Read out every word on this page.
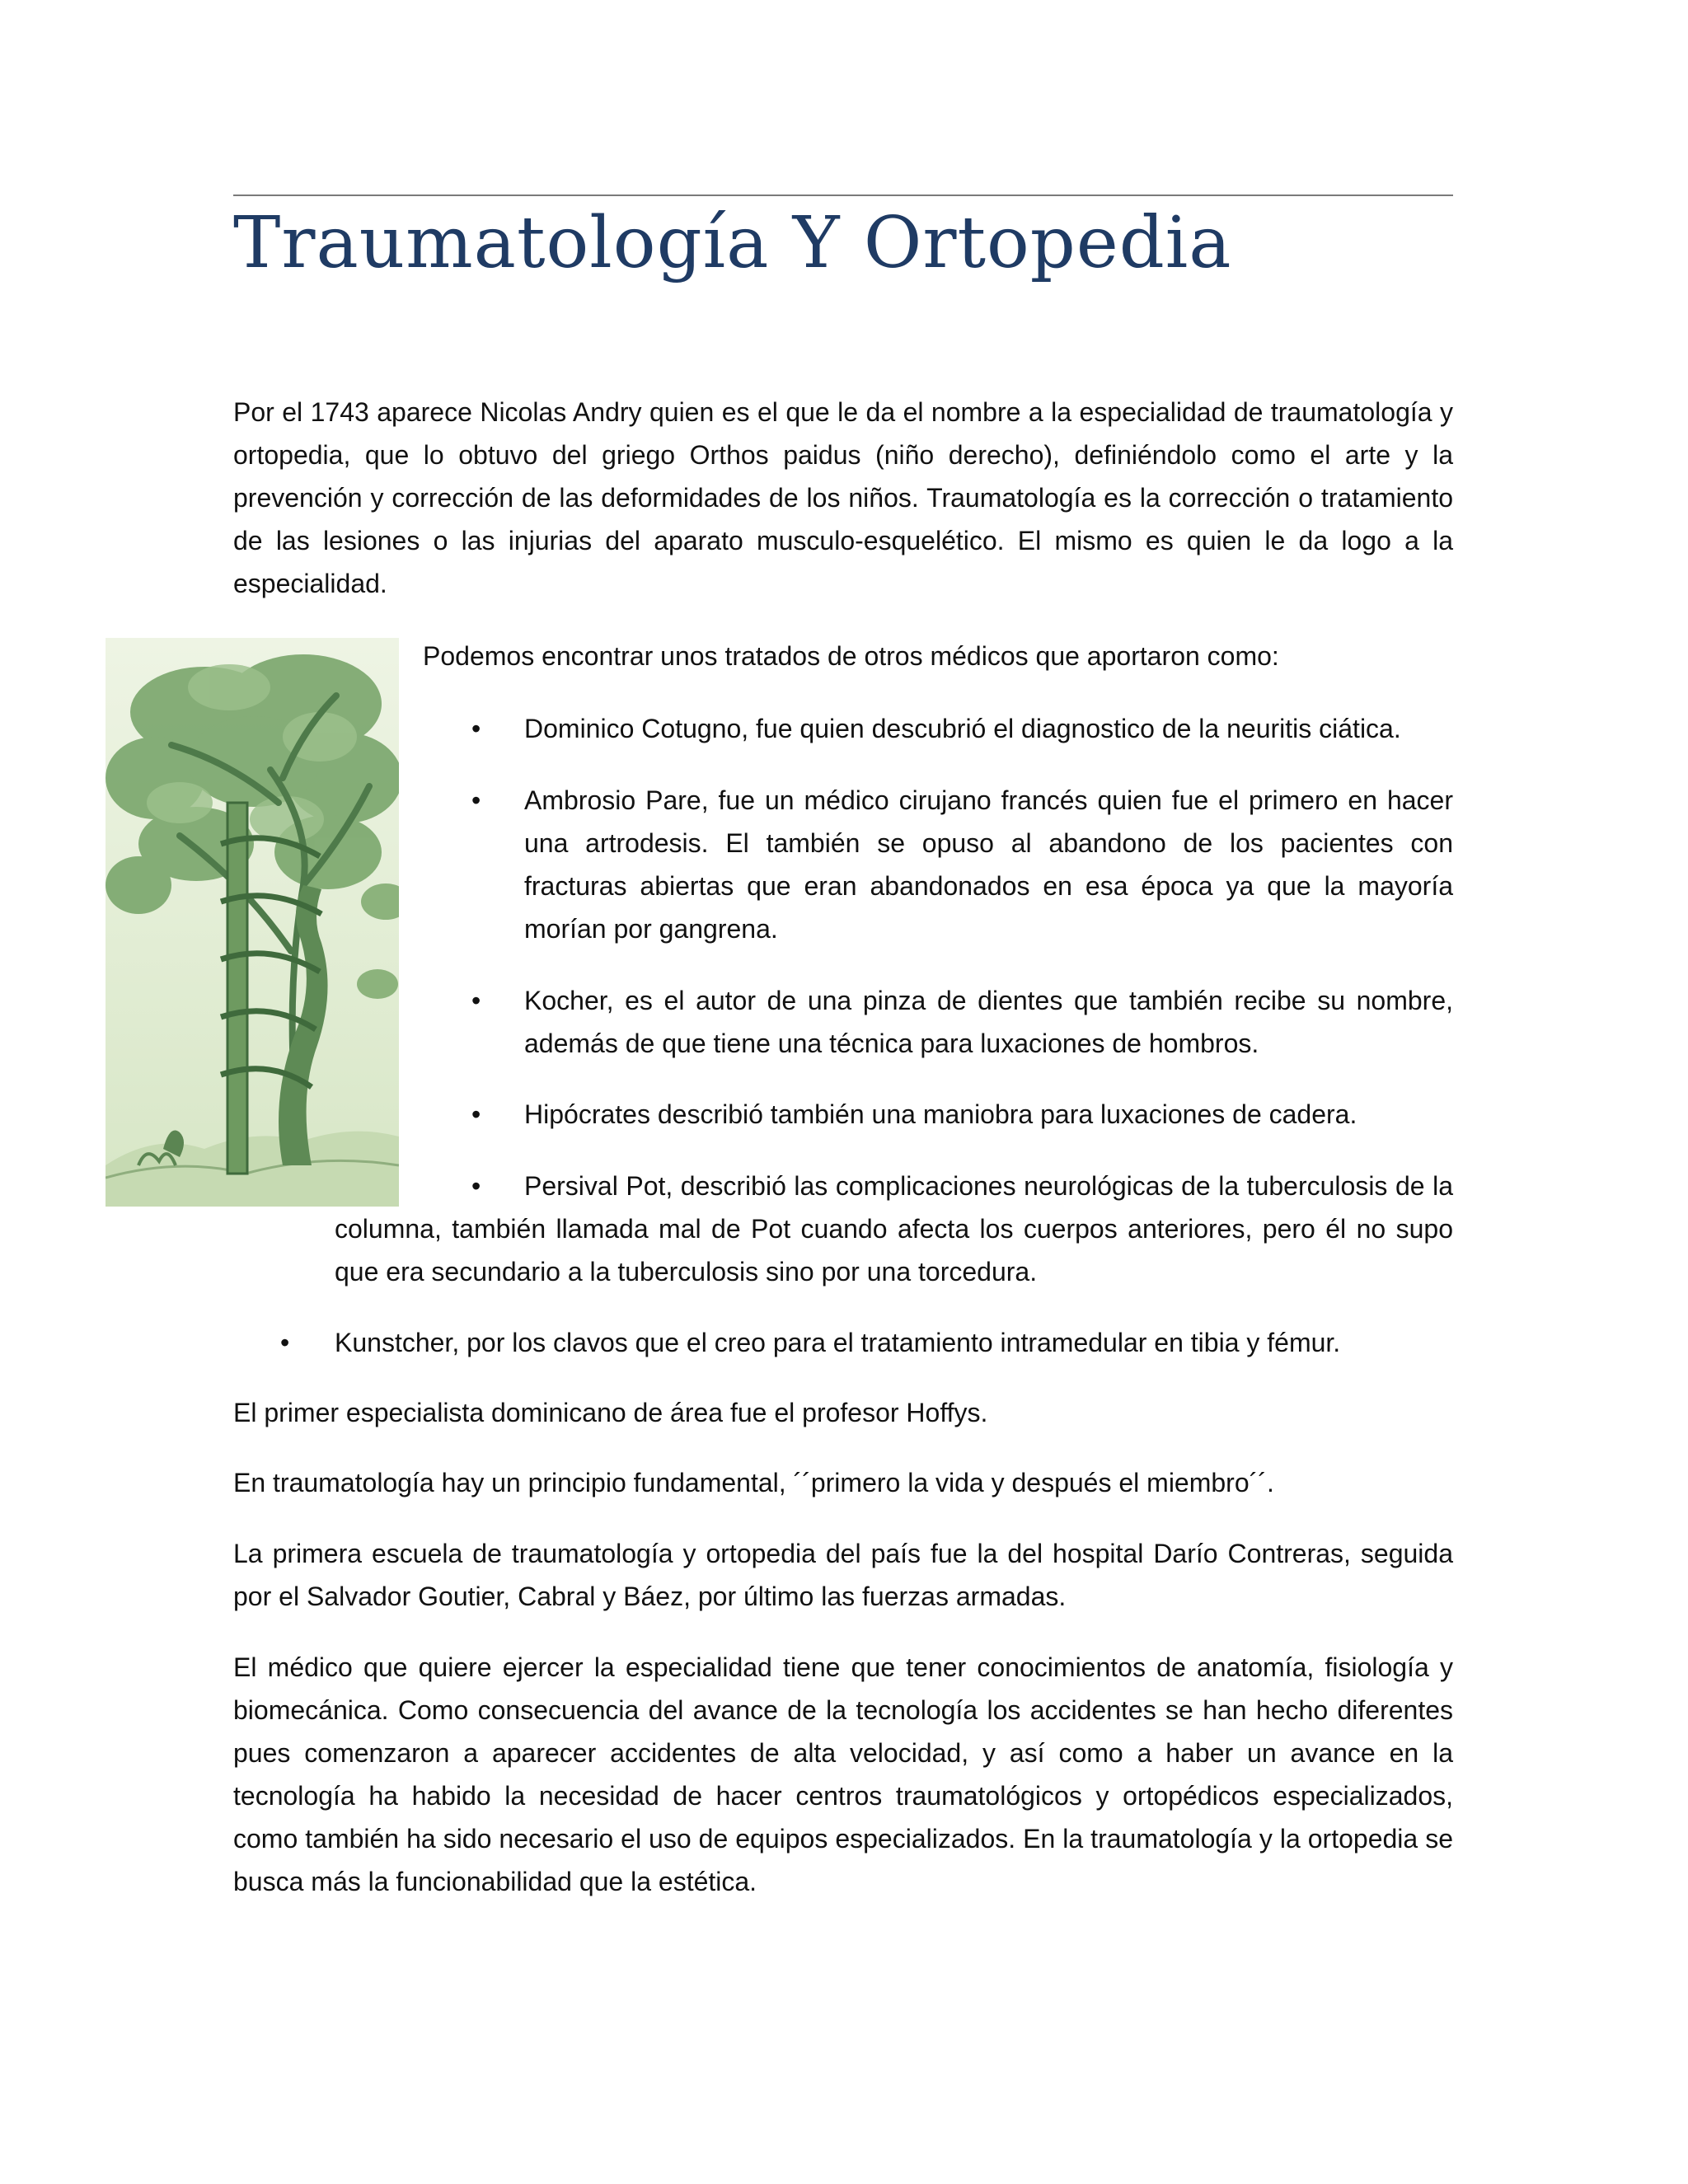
Traumatología Y Ortopedia

Por el 1743 aparece Nicolas Andry quien es el que le da el nombre a la especialidad de traumatología y ortopedia, que lo obtuvo del griego Orthos paidus (niño derecho), definiéndolo como el arte y la prevención y corrección de las deformidades de los niños. Traumatología es la corrección o tratamiento de las lesiones o las injurias del aparato musculo-esquelético. El mismo es quien le da logo a la especialidad.

Podemos encontrar unos tratados de otros médicos que aportaron como:

• Dominico Cotugno, fue quien descubrió el diagnostico de la neuritis ciática.

• Ambrosio Pare, fue un médico cirujano francés quien fue el primero en hacer una artrodesis. El también se opuso al abandono de los pacientes con fracturas abiertas que eran abandonados en esa época ya que la mayoría morían por gangrena.

• Kocher, es el autor de una pinza de dientes que también recibe su nombre, además de que tiene una técnica para luxaciones de hombros.

• Hipócrates describió también una maniobra para luxaciones de cadera.

•	Persival Pot, describió las complicaciones neurológicas de la tuberculosis de la columna, también llamada mal de Pot cuando afecta los cuerpos anteriores, pero él no supo que era secundario a la tuberculosis sino por una torcedura.

• Kunstcher, por los clavos que el creo para el tratamiento intramedular en tibia y fémur.

El primer especialista dominicano de área fue el profesor Hoffys.

En traumatología hay un principio fundamental, ´´primero la vida y después el miembro´´.

La primera escuela de traumatología y ortopedia del país fue la del hospital Darío Contreras, seguida por el Salvador Goutier, Cabral y Báez, por último las fuerzas armadas.

El médico que quiere ejercer la especialidad tiene que tener conocimientos de anatomía, fisiología y biomecánica. Como consecuencia del avance de la tecnología los accidentes se han hecho diferentes pues comenzaron a aparecer accidentes de alta velocidad, y así como a haber un avance en la tecnología ha habido la necesidad de hacer centros traumatológicos y ortopédicos especializados, como también ha sido necesario el uso de equipos especializados. En la traumatología y la ortopedia se busca más la funcionabilidad que la estética.
